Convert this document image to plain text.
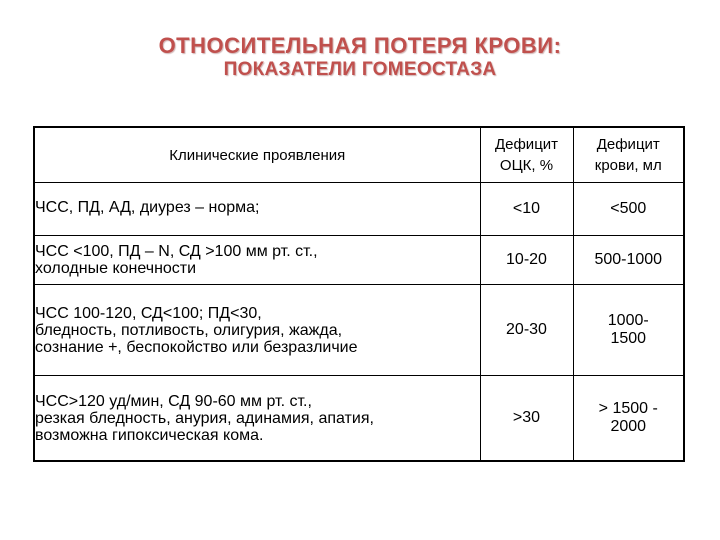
ОТНОСИТЕЛЬНАЯ ПОТЕРЯ КРОВИ:
ПОКАЗАТЕЛИ ГОМЕОСТАЗА
Клинические проявления	Дефицит ОЦК, %	Дефицит крови, мл

ЧСС, ПД, АД, диурез – норма;	<10	<500

ЧСС <100, ПД – N, СД >100 мм рт. ст.,
холодные конечности	10-20	500-1000

ЧСС 100-120, СД<100; ПД<30,
бледность, потливость, олигурия, жажда,
сознание +, беспокойство или безразличие	20-30	1000-
1500

ЧСС>120 уд/мин, СД 90-60 мм рт. ст.,
резкая бледность, анурия, адинамия, апатия,
возможна гипоксическая кома.	>30	> 1500 -
2000
